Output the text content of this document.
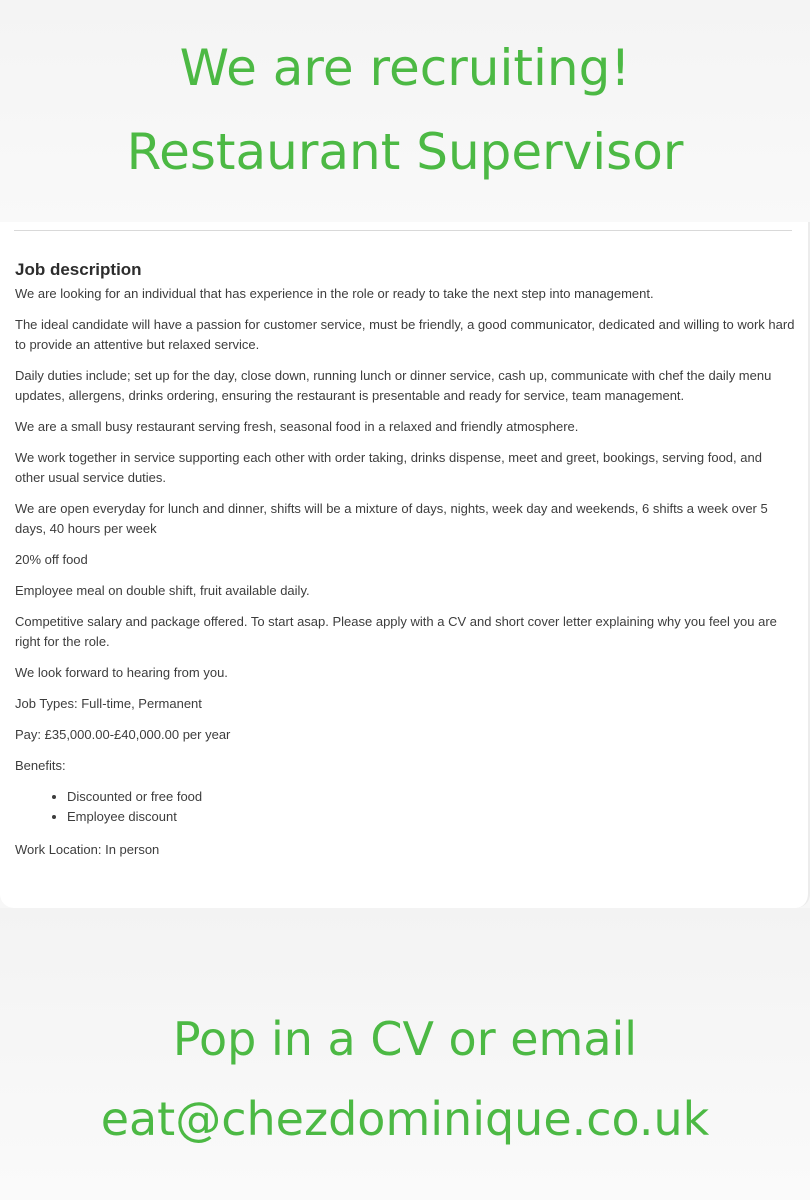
We are recruiting!
Restaurant Supervisor
Job description

We are looking for an individual that has experience in the role or ready to take the next step into management.

The ideal candidate will have a passion for customer service, must be friendly, a good communicator, dedicated and willing to work hard to provide an attentive but relaxed service.

Daily duties include; set up for the day, close down, running lunch or dinner service, cash up, communicate with chef the daily menu updates, allergens, drinks ordering, ensuring the restaurant is presentable and ready for service, team management.

We are a small busy restaurant serving fresh, seasonal food in a relaxed and friendly atmosphere.

We work together in service supporting each other with order taking, drinks dispense, meet and greet, bookings, serving food, and other usual service duties.

We are open everyday for lunch and dinner, shifts will be a mixture of days, nights, week day and weekends, 6 shifts a week over 5 days, 40 hours per week

20% off food

Employee meal on double shift, fruit available daily.

Competitive salary and package offered. To start asap. Please apply with a CV and short cover letter explaining why you feel you are right for the role.

We look forward to hearing from you.

Job Types: Full-time, Permanent

Pay: £35,000.00-£40,000.00 per year

Benefits:

• Discounted or free food
• Employee discount

Work Location: In person

Pop in a CV or email
eat@chezdominique.co.uk
